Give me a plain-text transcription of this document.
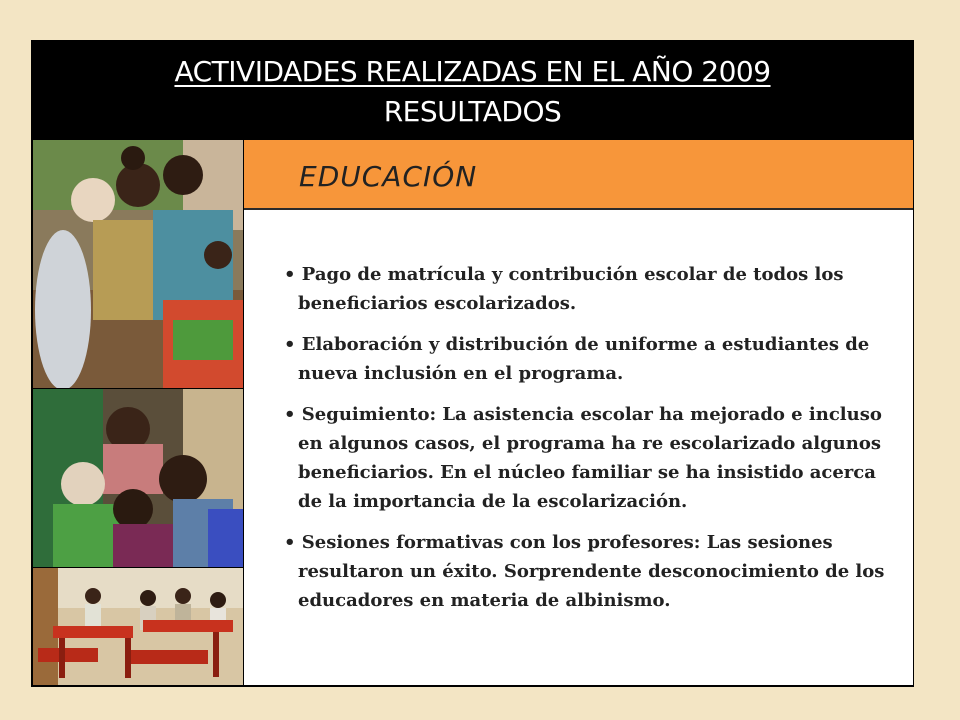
ACTIVIDADES REALIZADAS EN EL AÑO 2009
RESULTADOS
EDUCACIÓN
• Pago de matrícula y contribución escolar de todos los beneficiarios escolarizados.
• Elaboración y distribución de uniforme a estudiantes de nueva inclusión en el programa.
• Seguimiento: La asistencia escolar ha mejorado e incluso en algunos casos, el programa ha re escolarizado algunos beneficiarios. En el núcleo familiar se ha insistido acerca de la importancia de la escolarización.
• Sesiones formativas con los profesores: Las sesiones resultaron un éxito. Sorprendente desconocimiento de los educadores en materia de albinismo.
